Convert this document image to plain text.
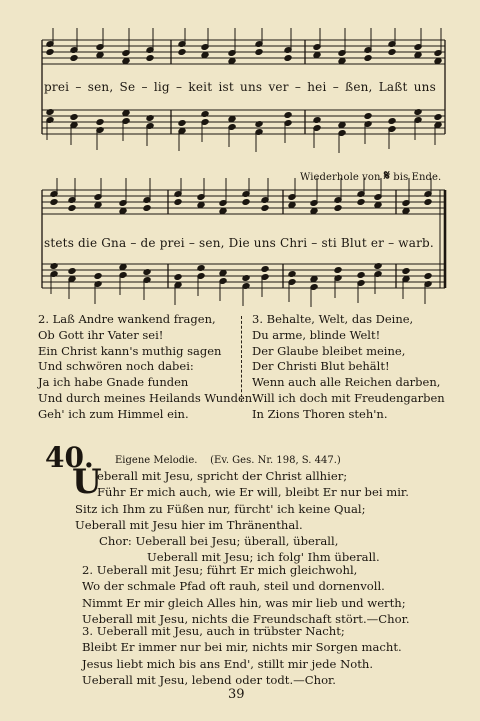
prei – sen, Se – lig – keit ist uns ver – hei – ßen, Laßt uns
Wiederhole von 𝄋 bis Ende.
stets die Gna – de prei – sen, Die uns Chri – sti Blut er – warb.
2. Laß Andre wankend fragen,
Ob Gott ihr Vater sei!
Ein Christ kann's muthig sagen
Und schwören noch dabei:
Ja ich habe Gnade funden
Und durch meines Heilands Wunden
Geh' ich zum Himmel ein.
3. Behalte, Welt, das Deine,
Du arme, blinde Welt!
Der Glaube bleibet meine,
Der Christi Blut behält!
Wenn auch alle Reichen darben,
Will ich doch mit Freudengarben
In Zions Thoren steh'n.
40. Eigene Melodie. (Ev. Ges. Nr. 198, S. 447.)
U
eberall mit Jesu, spricht der Christ allhier;
Führ Er mich auch, wie Er will, bleibt Er nur bei mir.
Sitz ich Ihm zu Füßen nur, fürcht' ich keine Qual;
Ueberall mit Jesu hier im Thränenthal.
Chor: Ueberall bei Jesu; überall, überall,
Ueberall mit Jesu; ich folg' Ihm überall.
2. Ueberall mit Jesu; führt Er mich gleichwohl,
Wo der schmale Pfad oft rauh, steil und dornenvoll.
Nimmt Er mir gleich Alles hin, was mir lieb und werth;
Ueberall mit Jesu, nichts die Freundschaft stört.—Chor.
3. Ueberall mit Jesu, auch in trübster Nacht;
Bleibt Er immer nur bei mir, nichts mir Sorgen macht.
Jesus liebt mich bis ans End', stillt mir jede Noth.
Ueberall mit Jesu, lebend oder todt.—Chor.
39
